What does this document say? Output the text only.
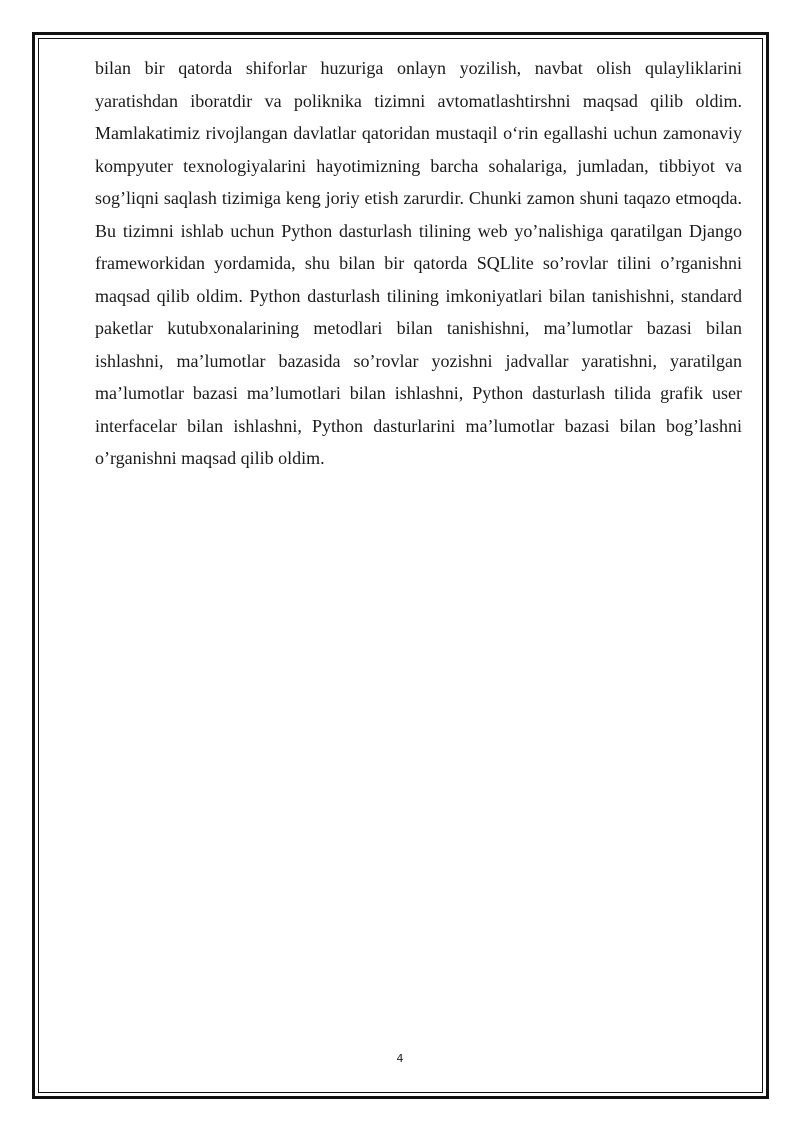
bilan bir qatorda shiforlar huzuriga onlayn yozilish, navbat olish qulayliklarini yaratishdan iboratdir va poliknika tizimni avtomatlashtirshni maqsad qilib oldim. Mamlakatimiz rivojlangan davlatlar qatoridan mustaqil o‘rin egallashi uchun zamonaviy kompyuter texnologiyalarini hayotimizning barcha sohalariga, jumladan, tibbiyot va sog’liqni saqlash tizimiga keng joriy etish zarurdir. Chunki zamon shuni taqazo etmoqda. Bu tizimni ishlab uchun Python dasturlash tilining web yo’nalishiga qaratilgan Django frameworkidan yordamida, shu bilan bir qatorda SQLlite so’rovlar tilini o’rganishni maqsad qilib oldim. Python dasturlash tilining imkoniyatlari bilan tanishishni, standard paketlar kutubxonalarining metodlari bilan tanishishni, ma’lumotlar bazasi bilan ishlashni, ma’lumotlar bazasida so’rovlar yozishni jadvallar yaratishni, yaratilgan ma’lumotlar bazasi ma’lumotlari bilan ishlashni, Python dasturlash tilida grafik user interfacelar bilan ishlashni, Python dasturlarini ma’lumotlar bazasi bilan bog’lashni o’rganishni maqsad qilib oldim.

4
